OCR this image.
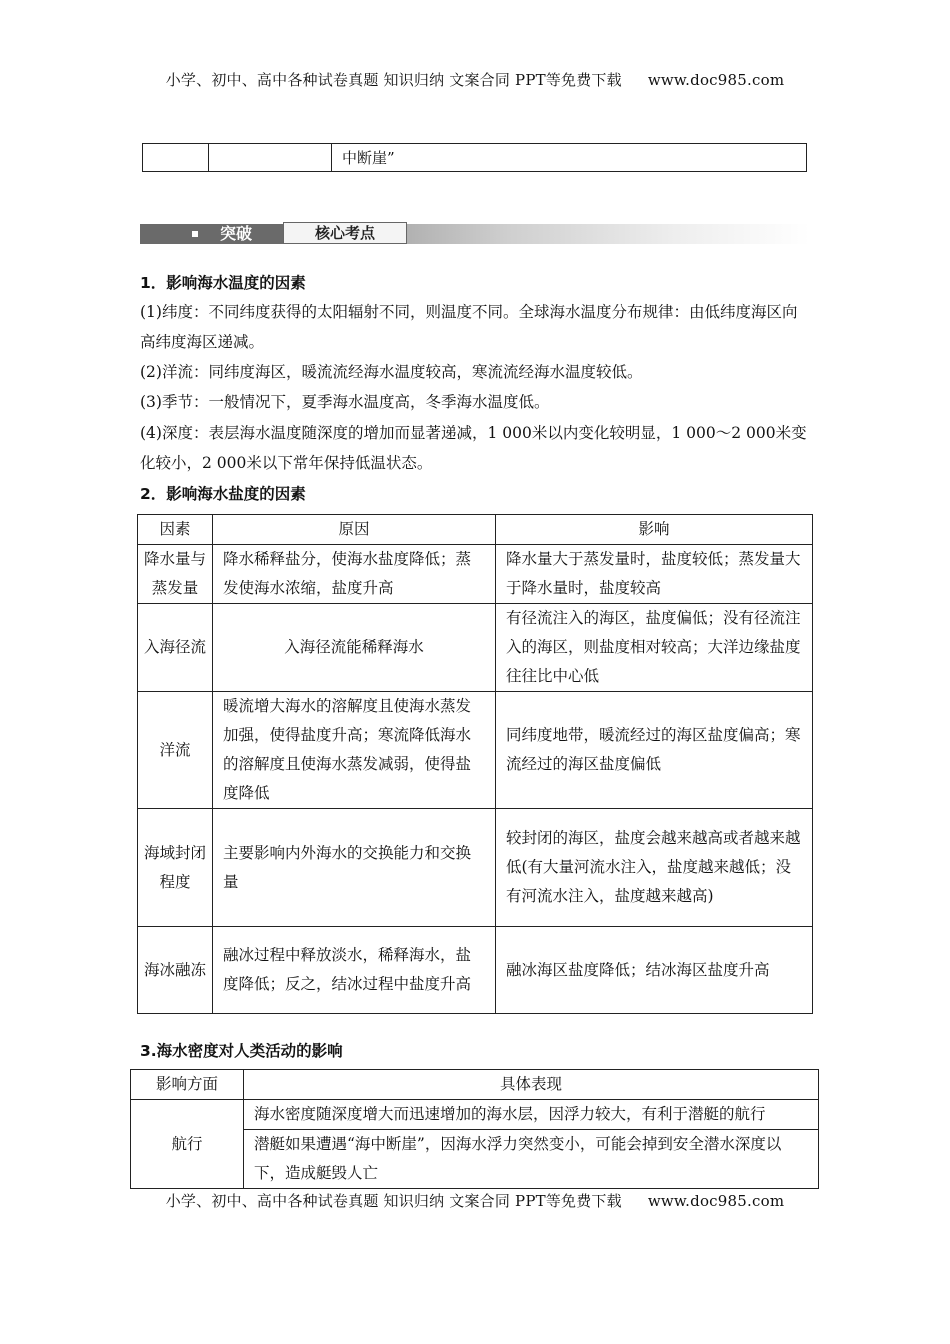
小学、初中、高中各种试卷真题 知识归纳 文案合同 PPT等免费下载 www.doc985.com
		中断崖”
突破	核心考点
1．影响海水温度的因素
(1)纬度：不同纬度获得的太阳辐射不同，则温度不同。全球海水温度分布规律：由低纬度海区向高纬度海区递减。
(2)洋流：同纬度海区，暖流流经海水温度较高，寒流流经海水温度较低。
(3)季节：一般情况下，夏季海水温度高，冬季海水温度低。
(4)深度：表层海水温度随深度的增加而显著递减，1 000米以内变化较明显，1 000～2 000米变化较小，2 000米以下常年保持低温状态。
2．影响海水盐度的因素
因素	原因	影响
降水量与蒸发量	降水稀释盐分，使海水盐度降低；蒸发使海水浓缩，盐度升高	降水量大于蒸发量时，盐度较低；蒸发量大于降水量时，盐度较高
入海径流	入海径流能稀释海水	有径流注入的海区，盐度偏低；没有径流注入的海区，则盐度相对较高；大洋边缘盐度往往比中心低
洋流	暖流增大海水的溶解度且使海水蒸发加强，使得盐度升高；寒流降低海水的溶解度且使海水蒸发减弱，使得盐度降低	同纬度地带，暖流经过的海区盐度偏高；寒流经过的海区盐度偏低
海域封闭程度	主要影响内外海水的交换能力和交换量	较封闭的海区，盐度会越来越高或者越来越低(有大量河流水注入，盐度越来越低；没有河流水注入，盐度越来越高)
海冰融冻	融冰过程中释放淡水，稀释海水，盐度降低；反之，结冰过程中盐度升高	融冰海区盐度降低；结冰海区盐度升高
3.海水密度对人类活动的影响
影响方面	具体表现
航行	海水密度随深度增大而迅速增加的海水层，因浮力较大，有利于潜艇的航行
	潜艇如果遭遇“海中断崖”，因海水浮力突然变小，可能会掉到安全潜水深度以下，造成艇毁人亡
小学、初中、高中各种试卷真题 知识归纳 文案合同 PPT等免费下载 www.doc985.com
